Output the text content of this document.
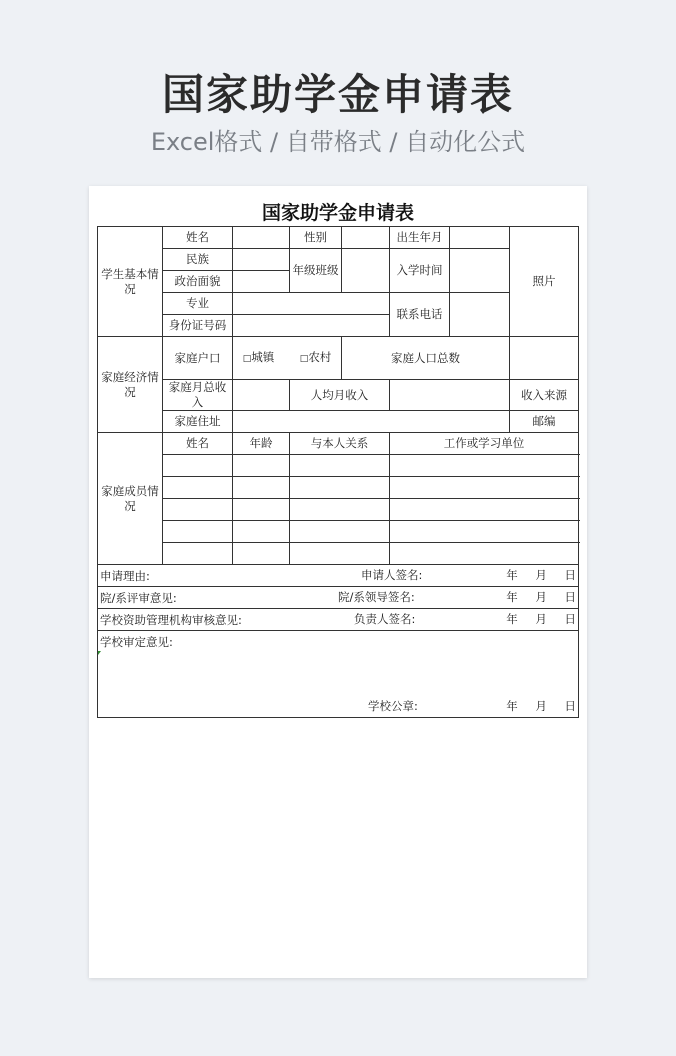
国家助学金申请表
Excel格式 / 自带格式 / 自动化公式
国家助学金申请表
学生基本情况	姓名		性别		出生年月		照片	
	民族		年级班级		入学时间			
	政治面貌							
	专业				联系电话			
	身份证号码							
家庭经济情况	家庭户口	□城镇 □农村		家庭人口总数				
	家庭月总收入		人均月收入				收入来源	
	家庭住址						邮编	
家庭成员情况	姓名	年龄	与本人关系		工作或学习单位			

申请理由: 申请人签名: 年 月 日								

院/系评审意见: 院/系领导签名: 年 月 日								

学校资助管理机构审核意见: 负责人签名: 年 月 日								

学校审定意见:
学校公章: 年 月 日								
